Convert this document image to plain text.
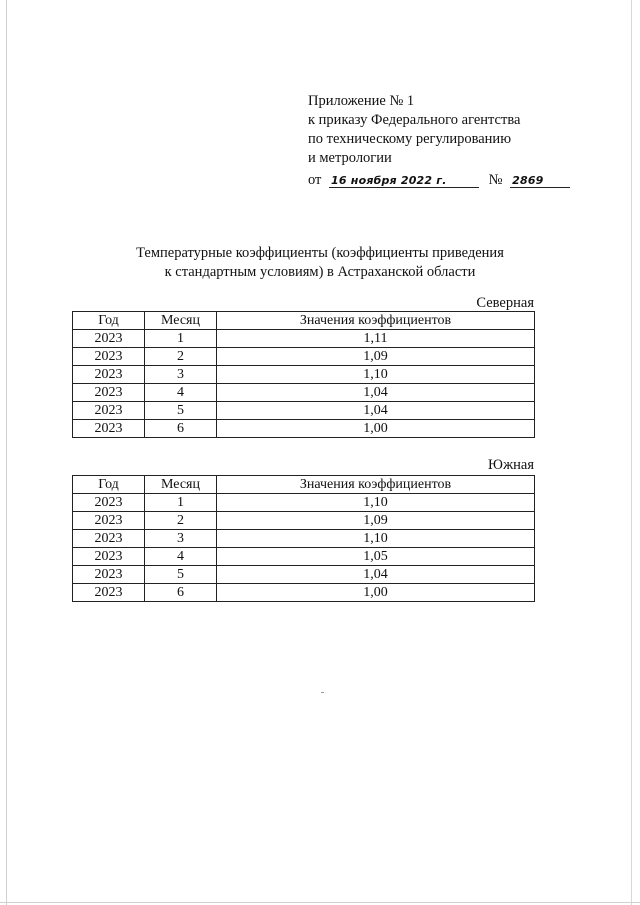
Приложение № 1
к приказу Федерального агентства
по техническому регулированию
и метрологии
от 16 ноября 2022 г.	№ 2869
Температурные коэффициенты (коэффициенты приведения
к стандартным условиям) в Астраханской области
Северная
Год	Месяц	Значения коэффициентов
2023	1	1,11
2023	2	1,09
2023	3	1,10
2023	4	1,04
2023	5	1,04
2023	6	1,00
Южная
Год	Месяц	Значения коэффициентов
2023	1	1,10
2023	2	1,09
2023	3	1,10
2023	4	1,05
2023	5	1,04
2023	6	1,00
